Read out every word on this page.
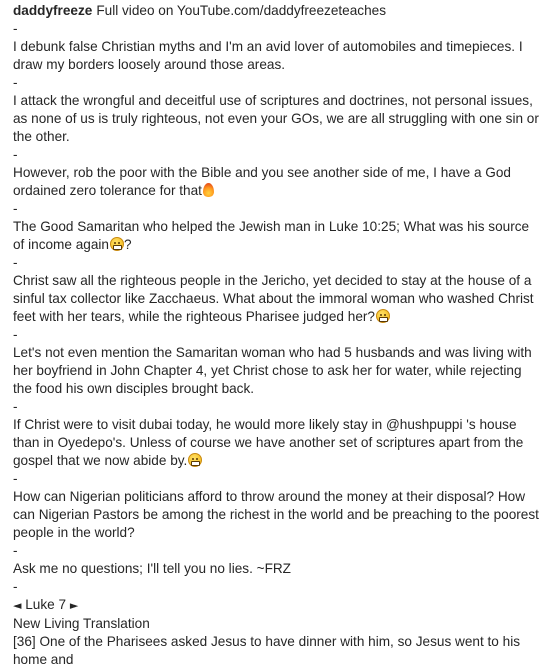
daddyfreeze Full video on YouTube.com/daddyfreezeteaches
-

I debunk false Christian myths and I'm an avid lover of automobiles and timepieces. I draw my borders loosely around those areas.

-

I attack the wrongful and deceitful use of scriptures and doctrines, not personal issues, as none of us is truly righteous, not even your GOs, we are all struggling with one sin or the other.

-

However, rob the poor with the Bible and you see another side of me, I have a God ordained zero tolerance for that

-

The Good Samaritan who helped the Jewish man in Luke 10:25; What was his source of income again ?

-

Christ saw all the righteous people in the Jericho, yet decided to stay at the house of a sinful tax collector like Zacchaeus. What about the immoral woman who washed Christ feet with her tears, while the righteous Pharisee judged her?

-

Let's not even mention the Samaritan woman who had 5 husbands and was living with her boyfriend in John Chapter 4, yet Christ chose to ask her for water, while rejecting the food his own disciples brought back.

-

If Christ were to visit dubai today, he would more likely stay in @hushpuppi 's house than in Oyedepo's. Unless of course we have another set of scriptures apart from the gospel that we now abide by.

-

How can Nigerian politicians afford to throw around the money at their disposal? How can Nigerian Pastors be among the richest in the world and be preaching to the poorest people in the world?

-

Ask me no questions; I'll tell you no lies. ~FRZ

-

◄ Luke 7 ►

New Living Translation

[36] One of the Pharisees asked Jesus to have dinner with him, so Jesus went to his home and
